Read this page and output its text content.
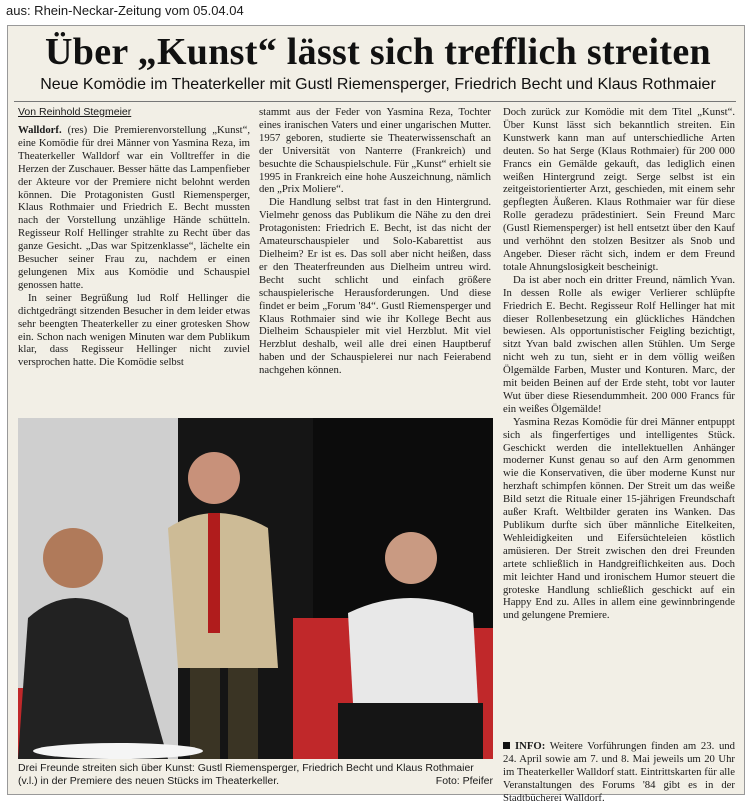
aus: Rhein-Neckar-Zeitung vom 05.04.04
Über „Kunst“ lässt sich trefflich streiten
Neue Komödie im Theaterkeller mit Gustl Riemensperger, Friedrich Becht und Klaus Rothmaier
Von Reinhold Stegmeier

Walldorf. (res) Die Premierenvorstellung „Kunst“, eine Komödie für drei Männer von Yasmina Reza, im Theaterkeller Walldorf war ein Volltreffer in die Herzen der Zuschauer. Besser hätte das Lampenfieber der Akteure vor der Premiere nicht belohnt werden können. Die Protagonisten Gustl Riemensperger, Klaus Rothmaier und Friedrich E. Becht mussten nach der Vorstellung unzählige Hände schütteln. Regisseur Rolf Hellinger strahlte zu Recht über das ganze Gesicht. „Das war Spitzenklasse“, lächelte ein Besucher seiner Frau zu, nachdem er einen gelungenen Mix aus Komödie und Schauspiel genossen hatte.

In seiner Begrüßung lud Rolf Hellinger die dichtgedrängt sitzenden Besucher in dem leider etwas sehr beengten Theaterkeller zu einer grotesken Show ein. Schon nach wenigen Minuten war dem Publikum klar, dass Regisseur Hellinger nicht zuviel versprochen hatte. Die Komödie selbst

stammt aus der Feder von Yasmina Reza, Tochter eines iranischen Vaters und einer ungarischen Mutter. 1957 geboren, studierte sie Theaterwissenschaft an der Universität von Nanterre (Frankreich) und besuchte die Schauspielschule. Für „Kunst“ erhielt sie 1995 in Frankreich eine hohe Auszeichnung, nämlich den „Prix Moliere“.

Die Handlung selbst trat fast in den Hintergrund. Vielmehr genoss das Publikum die Nähe zu den drei Protagonisten: Friedrich E. Becht, ist das nicht der Amateurschauspieler und Solo-Kabarettist aus Dielheim? Er ist es. Das soll aber nicht heißen, dass er den Theaterfreunden aus Dielheim untreu wird. Becht sucht schlicht und einfach größere schauspielerische Herausforderungen. Und diese findet er beim „Forum '84“. Gustl Riemensperger und Klaus Rothmaier sind wie ihr Kollege Becht aus Dielheim Schauspieler mit viel Herzblut. Mit viel Herzblut deshalb, weil alle drei einen Hauptberuf haben und der Schauspielerei nur nach Feierabend nachgehen können.

Doch zurück zur Komödie mit dem Titel „Kunst“. Über Kunst lässt sich bekanntlich streiten. Ein Kunstwerk kann man auf unterschiedliche Arten deuten. So hat Serge (Klaus Rothmaier) für 200 000 Francs ein Gemälde gekauft, das lediglich einen weißen Hintergrund zeigt. Serge selbst ist ein zeitgeistorientierter Arzt, geschieden, mit einem sehr gepflegten Äußeren. Klaus Rothmaier war für diese Rolle geradezu prädestiniert. Sein Freund Marc (Gustl Riemensperger) ist hell entsetzt über den Kauf und verhöhnt den stolzen Besitzer als Snob und Angeber. Dieser rächt sich, indem er dem Freund totale Ahnungslosigkeit bescheinigt.

Da ist aber noch ein dritter Freund, nämlich Yvan. In dessen Rolle als ewiger Verlierer schlüpfte Friedrich E. Becht. Regisseur Rolf Hellinger hat mit dieser Rollenbesetzung ein glückliches Händchen bewiesen. Als opportunistischer Feigling bezichtigt, sitzt Yvan bald zwischen allen Stühlen. Um Serge nicht weh zu tun, sieht er in dem völlig weißen Ölgemälde Farben, Muster und Konturen. Marc, der mit beiden Beinen auf der Erde steht, tobt vor lauter Wut über diese Riesendummheit. 200 000 Francs für ein weißes Ölgemälde!

Yasmina Rezas Komödie für drei Männer entpuppt sich als fingerfertiges und intelligentes Stück. Geschickt werden die intellektuellen Anhänger moderner Kunst genau so auf den Arm genommen wie die Konservativen, die über moderne Kunst nur herzhaft schimpfen können. Der Streit um das weiße Bild setzt die Rituale einer 15-jährigen Freundschaft außer Kraft. Weltbilder geraten ins Wanken. Das Publikum durfte sich über männliche Eitelkeiten, Wehleidigkeiten und Eifersüchteleien köstlich amüsieren. Der Streit zwischen den drei Freunden artete schließlich in Handgreiflichkeiten aus. Doch mit leichter Hand und ironischem Humor steuert die groteske Handlung schließlich geschickt auf ein Happy End zu. Alles in allem eine gewinnbringende und gelungene Premiere.

INFO: Weitere Vorführungen finden am 23. und 24. April sowie am 7. und 8. Mai jeweils um 20 Uhr im Theaterkeller Walldorf statt. Eintrittskarten für alle Veranstaltungen des Forums '84 gibt es in der Stadtbücherei Walldorf.
Drei Freunde streiten sich über Kunst: Gustl Riemensperger, Friedrich Becht und Klaus Rothmaier (v.l.) in der Premiere des neuen Stücks im Theaterkeller.	Foto: Pfeifer
